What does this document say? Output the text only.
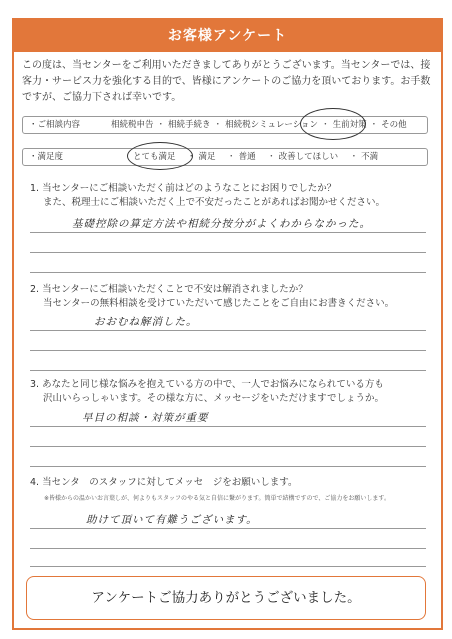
お客様アンケート
この度は、当センターをご利用いただきましてありがとうございます。当センターでは、接客力・サービス力を強化する目的で、皆様にアンケートのご協力を頂いております。お手数ですが、ご協力下されば幸いです。
・ご相談内容	相続税申告 ・ 相続手続き ・ 相続税シミュレーション ・ 生前対策 ・ その他
・満足度	とても満足　・ 満足　・ 普通　・ 改善してほしい　・ 不満
1. 当センターにご相談いただく前はどのようなことにお困りでしたか？
また、税理士にご相談いただく上で不安だったことがあればお聞かせください。
基礎控除の算定方法や相続分按分がよくわからなかった。
2. 当センターにご相談いただくことで不安は解消されましたか？
当センターの無料相談を受けていただいて感じたことをご自由にお書きください。
おおむね解消した。
3. あなたと同じ様な悩みを抱えている方の中で、一人でお悩みになられている方も
沢山いらっしゃいます。その様な方に、メッセージをいただけますでしょうか。
早目の相談・対策が重要
4. 当センタ　のスタッフに対してメッセ　ジをお願いします。
※皆様からの温かいお言葉しが、何よりもスタッフのやる気と自信に繋がります。簡単で結構ですので、ご協力をお願いします。
助けて頂いて有難うございます。
アンケートご協力ありがとうございました。
